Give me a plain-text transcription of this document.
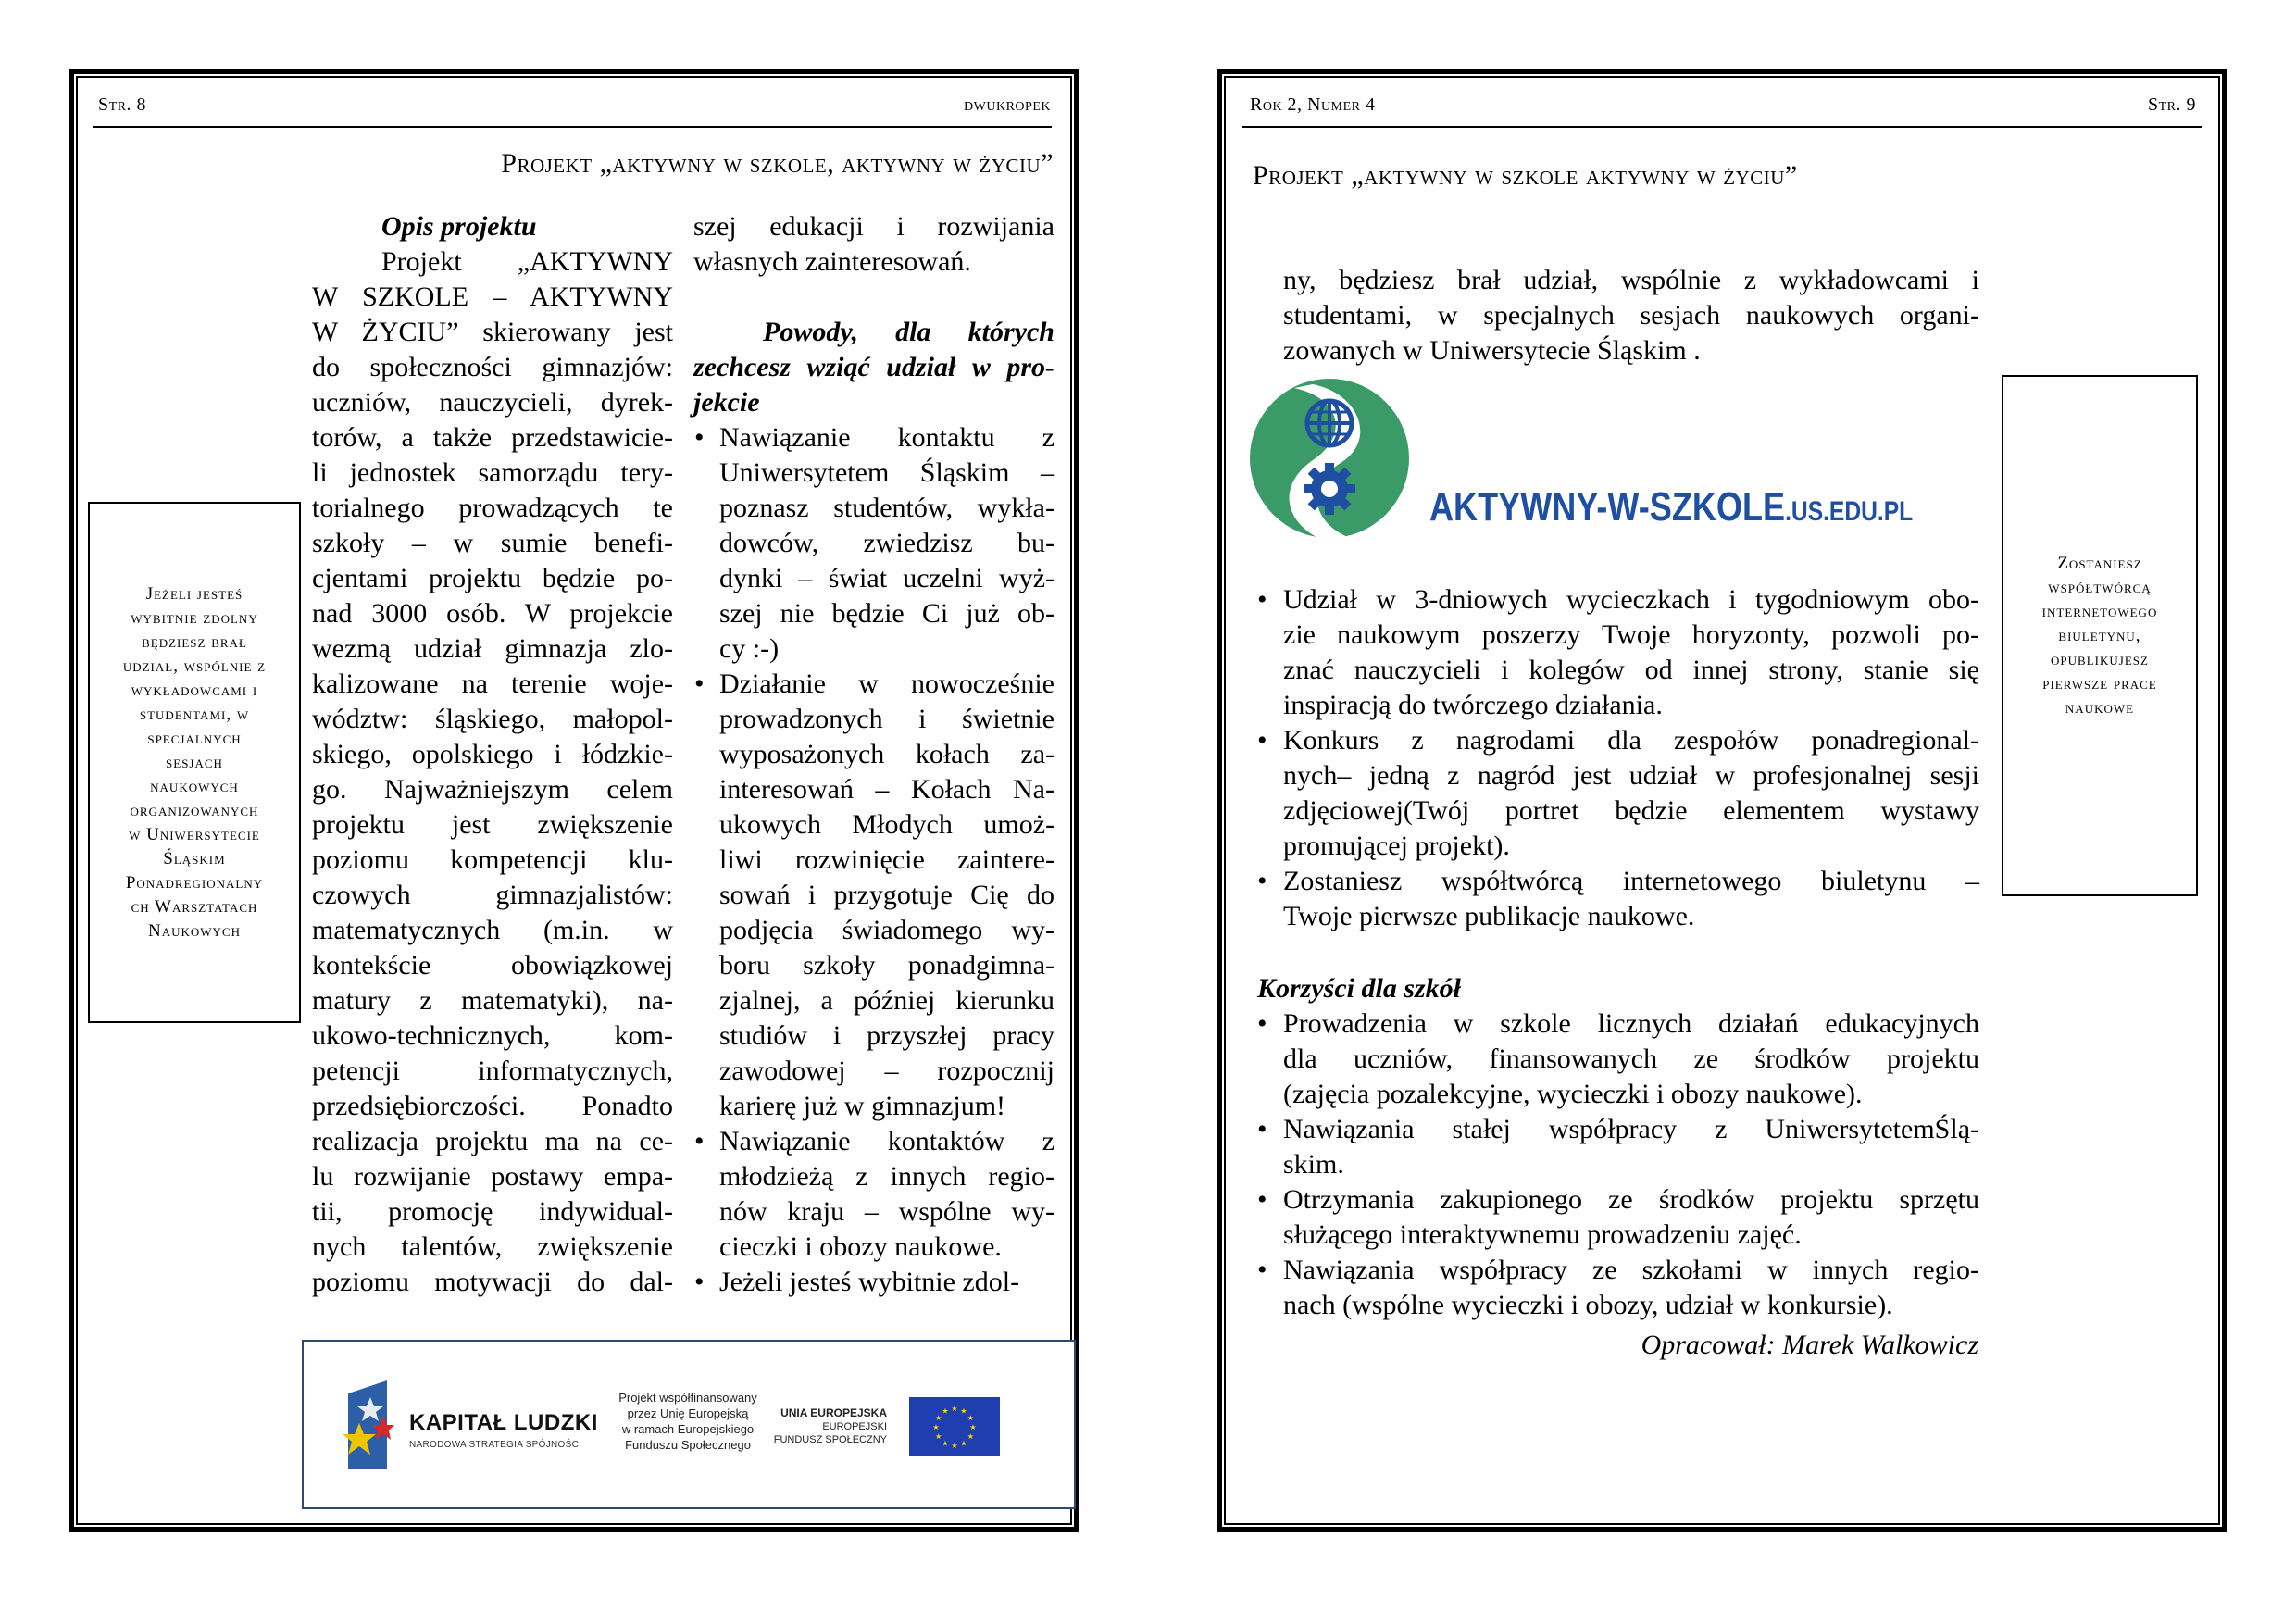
Str. 8	dwukropek
Projekt „aktywny w szkole, aktywny w życiu”
Jeżeli jesteś
wybitnie zdolny
będziesz brał
udział, wspólnie z
wykładowcami i
studentami, w
specjalnych
sesjach
naukowych
organizowanych
w Uniwersytecie
Śląskim
Ponadregionalny
ch Warsztatach
Naukowych
Opis projektu
Projekt „AKTYWNY
W SZKOLE – AKTYWNY
W ŻYCIU” skierowany jest
do społeczności gimnazjów:
uczniów, nauczycieli, dyrek-
torów, a także przedstawicie-
li jednostek samorządu tery-
torialnego prowadzących te
szkoły – w sumie benefi-
cjentami projektu będzie po-
nad 3000 osób. W projekcie
wezmą udział gimnazja zlo-
kalizowane na terenie woje-
wództw: śląskiego, małopol-
skiego, opolskiego i łódzkie-
go. Najważniejszym celem
projektu jest zwiększenie
poziomu kompetencji klu-
czowych gimnazjalistów:
matematycznych (m.in. w
kontekście obowiązkowej
matury z matematyki), na-
ukowo-technicznych, kom-
petencji informatycznych,
przedsiębiorczości. Ponadto
realizacja projektu ma na ce-
lu rozwijanie postawy empa-
tii, promocję indywidual-
nych talentów, zwiększenie
poziomu motywacji do dal-
szej edukacji i rozwijania
własnych zainteresowań.
Powody, dla których
zechcesz wziąć udział w pro-
jekcie
• Nawiązanie kontaktu z
Uniwersytetem Śląskim –
poznasz studentów, wykła-
dowców, zwiedzisz bu-
dynki – świat uczelni wyż-
szej nie będzie Ci już ob-
cy :-)
• Działanie w nowocześnie
prowadzonych i świetnie
wyposażonych kołach za-
interesowań – Kołach Na-
ukowych Młodych umoż-
liwi rozwinięcie zaintere-
sowań i przygotuje Cię do
podjęcia świadomego wy-
boru szkoły ponadgimna-
zjalnej, a później kierunku
studiów i przyszłej pracy
zawodowej – rozpocznij
karierę już w gimnazjum!
• Nawiązanie kontaktów z
młodzieżą z innych regio-
nów kraju – wspólne wy-
cieczki i obozy naukowe.
• Jeżeli jesteś wybitnie zdol-
KAPITAŁ LUDZKI
NARODOWA STRATEGIA SPÓJNOŚCI
Projekt współfinansowany
przez Unię Europejską
w ramach Europejskiego
Funduszu Społecznego
UNIA EUROPEJSKA
EUROPEJSKI
FUNDUSZ SPOŁECZNY
★ ★
★
★
★
★
★
★
★
★
★
★
Rok 2, Numer 4	Str. 9
Projekt „aktywny w szkole aktywny w życiu”
ny, będziesz brał udział, wspólnie z wykładowcami i
studentami, w specjalnych sesjach naukowych organi-
zowanych w Uniwersytecie Śląskim .
AKTYWNY-W-SZKOLE.US.EDU.PL
• Udział w 3-dniowych wycieczkach i tygodniowym obo-
zie naukowym poszerzy Twoje horyzonty, pozwoli po-
znać nauczycieli i kolegów od innej strony, stanie się
inspiracją do twórczego działania.
• Konkurs z nagrodami dla zespołów ponadregional-
nych– jedną z nagród jest udział w profesjonalnej sesji
zdjęciowej(Twój portret będzie elementem wystawy
promującej projekt).
• Zostaniesz współtwórcą internetowego biuletynu –
Twoje pierwsze publikacje naukowe.
Korzyści dla szkół
• Prowadzenia w szkole licznych działań edukacyjnych
dla uczniów, finansowanych ze środków projektu
(zajęcia pozalekcyjne, wycieczki i obozy naukowe).
• Nawiązania stałej współpracy z UniwersytetemŚlą-
skim.
• Otrzymania zakupionego ze środków projektu sprzętu
służącego interaktywnemu prowadzeniu zajęć.
• Nawiązania współpracy ze szkołami w innych regio-
nach (wspólne wycieczki i obozy, udział w konkursie).
Opracował: Marek Walkowicz
Zostaniesz
współtwórcą
internetowego
biuletynu,
opublikujesz
pierwsze prace
naukowe
